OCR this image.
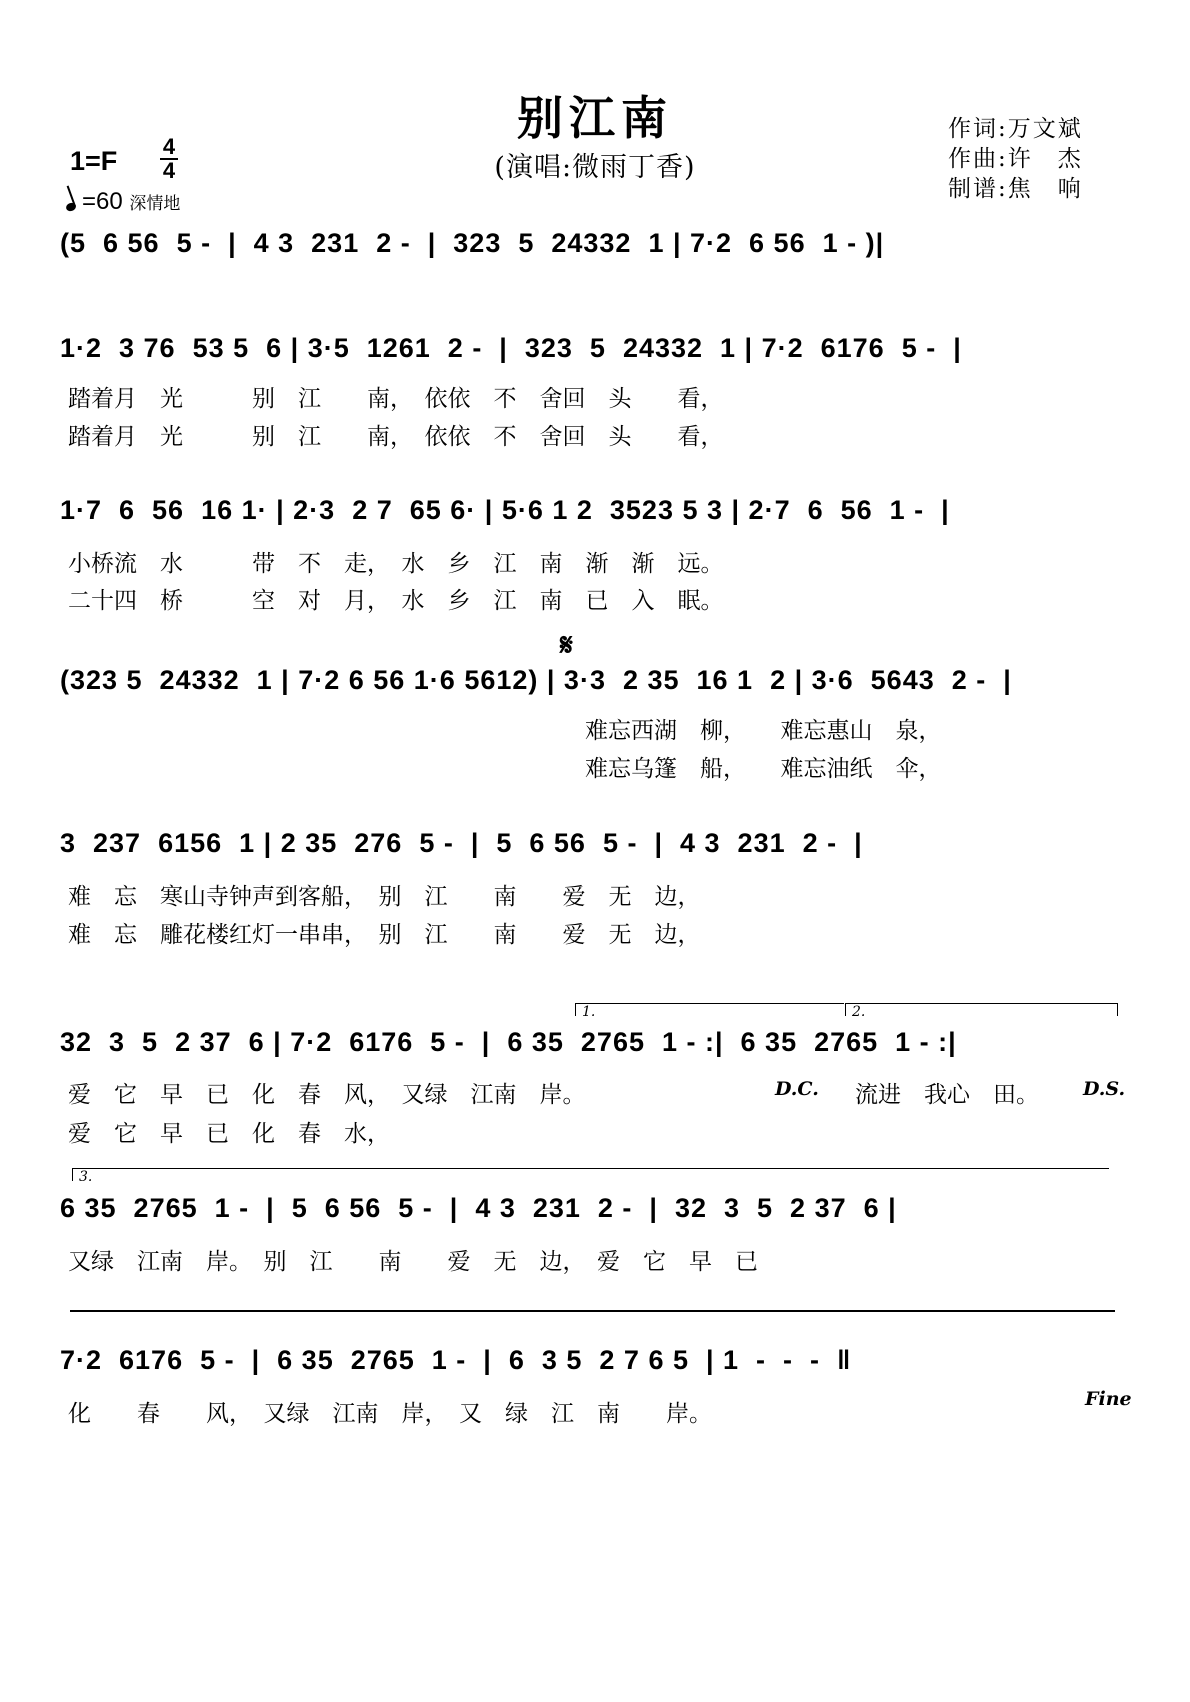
别江南
(演唱:微雨丁香)
作词:万文斌
作曲:许　杰
制谱:焦　响
1=F 4
4
=60 深情地
(5  6 56  5 -  |  4 3  231  2 -  |  323  5  24332  1 | 7·2  6 56  1 - )|
1·2  3 76  53 5  6 | 3·5  1261  2 -  |  323  5  24332  1 | 7·2  6176  5 -  |
踏着月　光　　　别　江　　南，　依依　不　舍回　头　　看，
踏着月　光　　　别　江　　南，　依依　不　舍回　头　　看，
1·7  6  56  16 1· | 2·3  2 7  65 6· | 5·6 1 2  3523 5 3 | 2·7  6  56  1 -  |
小桥流　水　　　带　不　走，　水　乡　江　南　渐　渐　远。
二十四　桥　　　空　对　月，　水　乡　江　南　已　入　眠。
𝄋
(323 5  24332  1 | 7·2 6 56 1·6 5612) | 3·3  2 35  16 1  2 | 3·6  5643  2 -  |
难忘西湖　柳，　　难忘惠山　泉，
难忘乌篷　船，　　难忘油纸　伞，
3  237  6156  1 | 2 35  276  5 -  |  5  6 56  5 -  |  4 3  231  2 -  |
难　忘　寒山寺钟声到客船，　别　江　　南　　爱　无　边，
难　忘　雕花楼红灯一串串，　别　江　　南　　爱　无　边，
1.	2.
32  3  5  2 37  6 | 7·2  6176  5 -  |  6 35  2765  1 - :|  6 35  2765  1 - :|
爱　它　早　已　化　春　风，　又绿　江南　岸。	D.C. 流进　我心　田。 D.S.
爱　它　早　已　化　春　水，
3.
6 35  2765  1 -  |  5  6 56  5 -  |  4 3  231  2 -  |  32  3  5  2 37  6 |
又绿　江南　岸。　别　江　　南　　爱　无　边，　爱　它　早　已
7·2  6176  5 -  |  6 35  2765  1 -  |  6  3 5  2 7 6 5  | 1  -  -  -  ‖
化　　春　　风，　又绿　江南　岸，　又　绿　江　南　　岸。
Fine
